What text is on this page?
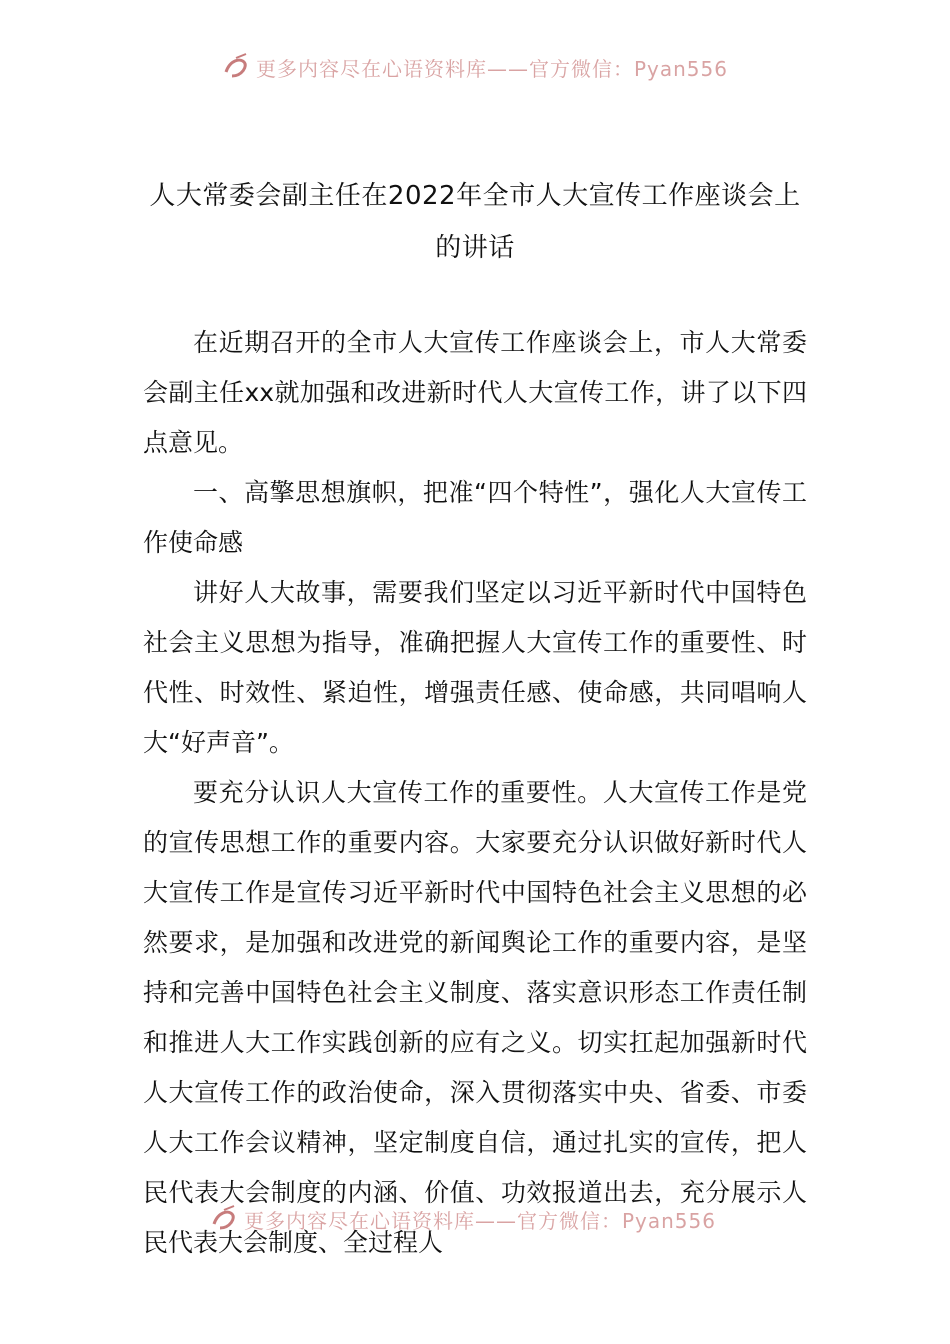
更多内容尽在心语资料库——官方微信：Pyan556
人大常委会副主任在2022年全市人大宣传工作座谈会上的讲话

在近期召开的全市人大宣传工作座谈会上，市人大常委会副主任xx就加强和改进新时代人大宣传工作，讲了以下四点意见。

一、高擎思想旗帜，把准“四个特性”，强化人大宣传工作使命感

讲好人大故事，需要我们坚定以习近平新时代中国特色社会主义思想为指导，准确把握人大宣传工作的重要性、时代性、时效性、紧迫性，增强责任感、使命感，共同唱响人大“好声音”。

要充分认识人大宣传工作的重要性。人大宣传工作是党的宣传思想工作的重要内容。大家要充分认识做好新时代人大宣传工作是宣传习近平新时代中国特色社会主义思想的必然要求，是加强和改进党的新闻舆论工作的重要内容，是坚持和完善中国特色社会主义制度、落实意识形态工作责任制和推进人大工作实践创新的应有之义。切实扛起加强新时代人大宣传工作的政治使命，深入贯彻落实中央、省委、市委人大工作会议精神，坚定制度自信，通过扎实的宣传，把人民代表大会制度的内涵、价值、功效报道出去，充分展示人民代表大会制度、全过程人

更多内容尽在心语资料库——官方微信：Pyan556
